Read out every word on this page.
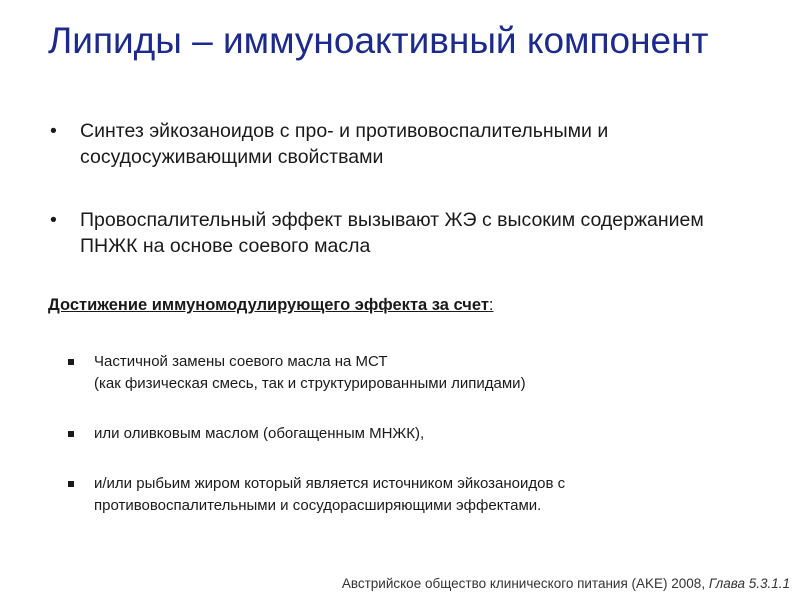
Липиды – иммуноактивный компонент
•	Синтез эйкозаноидов с про- и противовоспалительными и сосудосуживающими свойствами
•	Провоспалительный эффект вызывают ЖЭ с высоким содержанием ПНЖК на основе соевого масла
Достижение иммуномодулирующего эффекта за счет:
Частичной замены соевого масла на МСТ
(как физическая смесь, так и структурированными липидами)
или оливковым маслом (обогащенным МНЖК),
и/или рыбьим жиром который является источником эйкозаноидов с
противовоспалительными и сосудорасширяющими эффектами.
Австрийское общество клинического питания (AKE) 2008, Глава 5.3.1.1
